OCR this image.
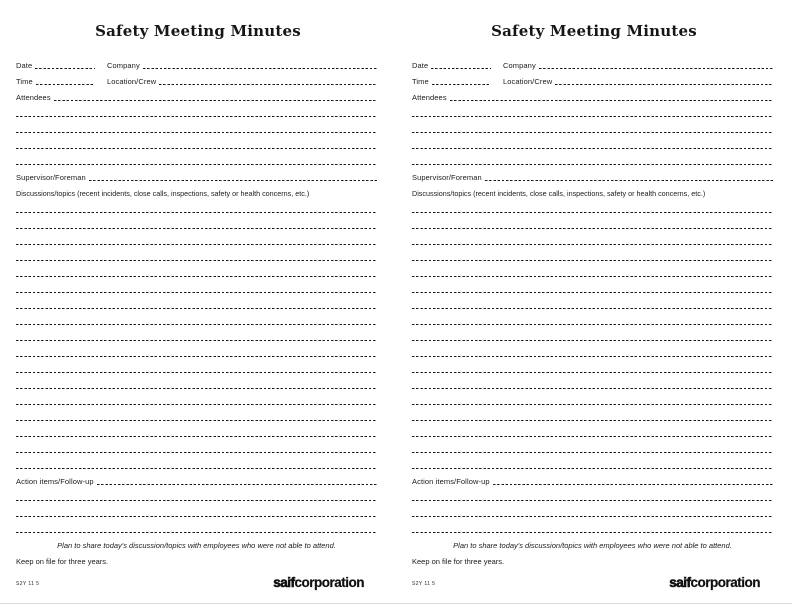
Safety Meeting Minutes
Date	Company
Time	Location/Crew
Attendees
Supervisor/Foreman
Discussions/topics (recent incidents, close calls, inspections, safety or health concerns, etc.)
Action items/Follow-up

Plan to share today's discussion/topics with employees who were not able to attend.

Keep on file for three years.

S2Y 11 5	saifcorporation

Safety Meeting Minutes
Date	Company
Time	Location/Crew
Attendees
Supervisor/Foreman
Discussions/topics (recent incidents, close calls, inspections, safety or health concerns, etc.)
Action items/Follow-up

Plan to share today's discussion/topics with employees who were not able to attend.

Keep on file for three years.

S2Y 11 5	saifcorporation
